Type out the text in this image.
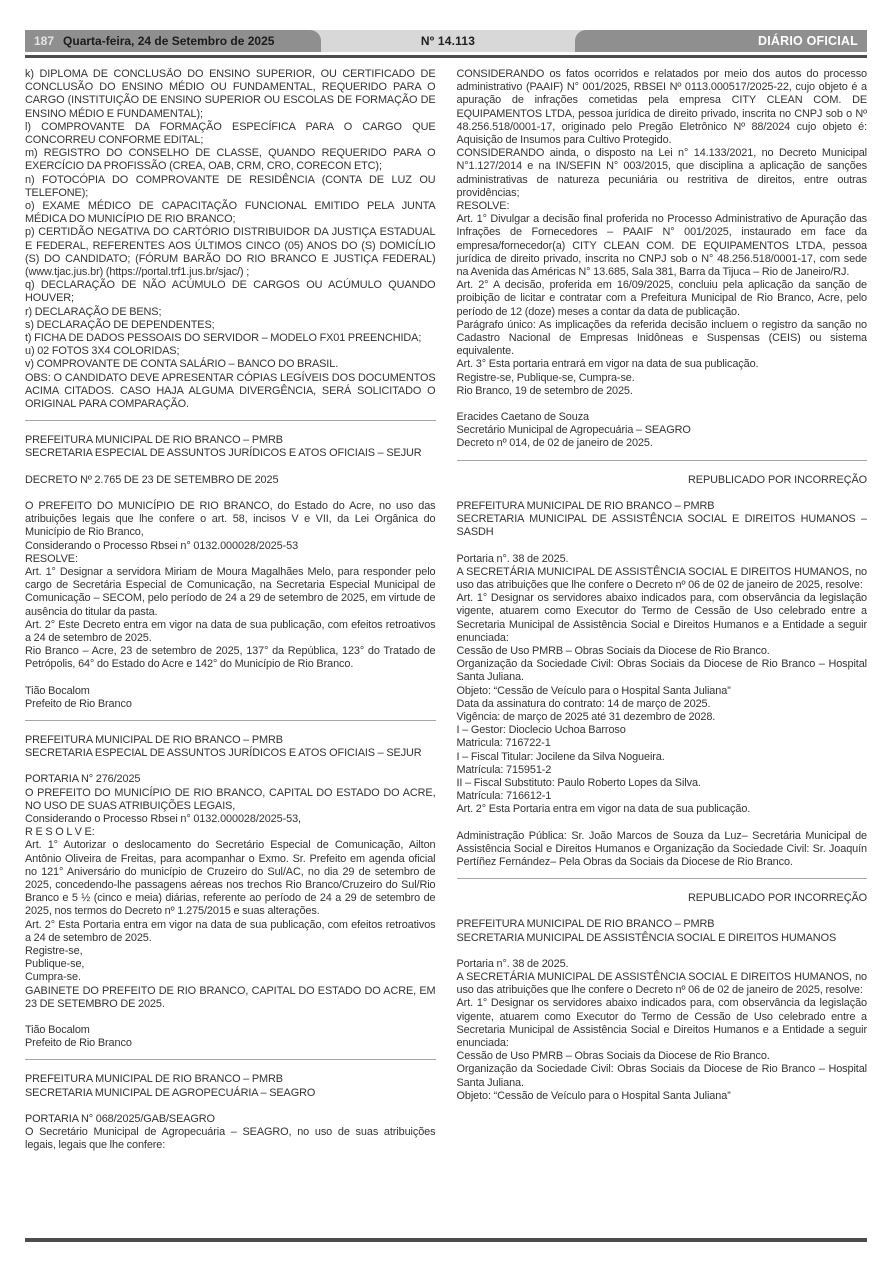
187 Quarta-feira, 24 de Setembro de 2025	Nº 14.113	DIÁRIO OFICIAL
k) DIPLOMA DE CONCLUSÃO DO ENSINO SUPERIOR, OU CERTIFICADO DE CONCLUSÃO DO ENSINO MÉDIO OU FUNDAMENTAL, REQUERIDO PARA O CARGO (INSTITUIÇÃO DE ENSINO SUPERIOR OU ESCOLAS DE FORMAÇÃO DE ENSINO MÉDIO E FUNDAMENTAL);
l) COMPROVANTE DA FORMAÇÃO ESPECÍFICA PARA O CARGO QUE CONCORREU CONFORME EDITAL;
m) REGISTRO DO CONSELHO DE CLASSE, QUANDO REQUERIDO PARA O EXERCÍCIO DA PROFISSÃO (CREA, OAB, CRM, CRO, CORECON ETC);
n) FOTOCÓPIA DO COMPROVANTE DE RESIDÊNCIA (CONTA DE LUZ OU TELEFONE);
o) EXAME MÉDICO DE CAPACITAÇÃO FUNCIONAL EMITIDO PELA JUNTA MÉDICA DO MUNICÍPIO DE RIO BRANCO;
p) CERTIDÃO NEGATIVA DO CARTÓRIO DISTRIBUIDOR DA JUSTIÇA ESTADUAL E FEDERAL, REFERENTES AOS ÚLTIMOS CINCO (05) ANOS DO (S) DOMICÍLIO (S) DO CANDIDATO; (FÓRUM BARÃO DO RIO BRANCO E JUSTIÇA FEDERAL) (www.tjac.jus.br) (https://portal.trf1.jus.br/sjac/) ;
q) DECLARAÇÃO DE NÃO ACÚMULO DE CARGOS OU ACÚMULO QUANDO HOUVER;
r) DECLARAÇÃO DE BENS;
s) DECLARAÇÃO DE DEPENDENTES;
t) FICHA DE DADOS PESSOAIS DO SERVIDOR – MODELO FX01 PREENCHIDA;
u) 02 FOTOS 3X4 COLORIDAS;
v) COMPROVANTE DE CONTA SALÁRIO – BANCO DO BRASIL.
OBS: O CANDIDATO DEVE APRESENTAR CÓPIAS LEGÍVEIS DOS DOCUMENTOS ACIMA CITADOS. CASO HAJA ALGUMA DIVERGÊNCIA, SERÁ SOLICITADO O ORIGINAL PARA COMPARAÇÃO.
PREFEITURA MUNICIPAL DE RIO BRANCO – PMRB
SECRETARIA ESPECIAL DE ASSUNTOS JURÍDICOS E ATOS OFICIAIS – SEJUR
DECRETO Nº 2.765 DE 23 DE SETEMBRO DE 2025
O PREFEITO DO MUNICÍPIO DE RIO BRANCO, do Estado do Acre, no uso das atribuições legais que lhe confere o art. 58, incisos V e VII, da Lei Orgânica do Município de Rio Branco,
Considerando o Processo Rbsei n° 0132.000028/2025-53
RESOLVE:
Art. 1° Designar a servidora Miriam de Moura Magalhães Melo, para responder pelo cargo de Secretária Especial de Comunicação, na Secretaria Especial Municipal de Comunicação – SECOM, pelo período de 24 a 29 de setembro de 2025, em virtude de ausência do titular da pasta.
Art. 2° Este Decreto entra em vigor na data de sua publicação, com efeitos retroativos a 24 de setembro de 2025.
Rio Branco – Acre, 23 de setembro de 2025, 137° da República, 123° do Tratado de Petrópolis, 64° do Estado do Acre e 142° do Município de Rio Branco.
Tião Bocalom
Prefeito de Rio Branco
PREFEITURA MUNICIPAL DE RIO BRANCO – PMRB
SECRETARIA ESPECIAL DE ASSUNTOS JURÍDICOS E ATOS OFICIAIS – SEJUR
PORTARIA N° 276/2025
O PREFEITO DO MUNICÍPIO DE RIO BRANCO, CAPITAL DO ESTADO DO ACRE, NO USO DE SUAS ATRIBUIÇÕES LEGAIS,
Considerando o Processo Rbsei n° 0132.000028/2025-53,
R E S O L V E:
Art. 1° Autorizar o deslocamento do Secretário Especial de Comunicação, Ailton Antônio Oliveira de Freitas, para acompanhar o Exmo. Sr. Prefeito em agenda oficial no 121° Aniversário do município de Cruzeiro do Sul/AC, no dia 29 de setembro de 2025, concedendo-lhe passagens aéreas nos trechos Rio Branco/Cruzeiro do Sul/Rio Branco e 5 ½ (cinco e meia) diárias, referente ao período de 24 a 29 de setembro de 2025, nos termos do Decreto nº 1.275/2015 e suas alterações.
Art. 2° Esta Portaria entra em vigor na data de sua publicação, com efeitos retroativos a 24 de setembro de 2025.
Registre-se,
Publique-se,
Cumpra-se.
GABINETE DO PREFEITO DE RIO BRANCO, CAPITAL DO ESTADO DO ACRE, EM 23 DE SETEMBRO DE 2025.
Tião Bocalom
Prefeito de Rio Branco
PREFEITURA MUNICIPAL DE RIO BRANCO – PMRB
SECRETARIA MUNICIPAL DE AGROPECUÁRIA – SEAGRO
PORTARIA N° 068/2025/GAB/SEAGRO
O Secretário Municipal de Agropecuária – SEAGRO, no uso de suas atribuições legais, legais que lhe confere:
CONSIDERANDO os fatos ocorridos e relatados por meio dos autos do processo administrativo (PAAIF) N° 001/2025, RBSEI Nº 0113.000517/2025-22, cujo objeto é a apuração de infrações cometidas pela empresa CITY CLEAN COM. DE EQUIPAMENTOS LTDA, pessoa jurídica de direito privado, inscrita no CNPJ sob o Nº 48.256.518/0001-17, originado pelo Pregão Eletrônico Nº 88/2024 cujo objeto é: Aquisição de Insumos para Cultivo Protegido.
CONSIDERANDO ainda, o disposto na Lei n° 14.133/2021, no Decreto Municipal N°1.127/2014 e na IN/SEFIN N° 003/2015, que disciplina a aplicação de sanções administrativas de natureza pecuniária ou restritiva de direitos, entre outras providências;
RESOLVE:
Art. 1° Divulgar a decisão final proferida no Processo Administrativo de Apuração das Infrações de Fornecedores – PAAIF N° 001/2025, instaurado em face da empresa/fornecedor(a) CITY CLEAN COM. DE EQUIPAMENTOS LTDA, pessoa jurídica de direito privado, inscrita no CNPJ sob o N° 48.256.518/0001-17, com sede na Avenida das Américas N° 13.685, Sala 381, Barra da Tijuca – Rio de Janeiro/RJ.
Art. 2° A decisão, proferida em 16/09/2025, concluiu pela aplicação da sanção de proibição de licitar e contratar com a Prefeitura Municipal de Rio Branco, Acre, pelo período de 12 (doze) meses a contar da data de publicação.
Parágrafo único: As implicações da referida decisão incluem o registro da sanção no Cadastro Nacional de Empresas Inidôneas e Suspensas (CEIS) ou sistema equivalente.
Art. 3° Esta portaria entrará em vigor na data de sua publicação.
Registre-se, Publique-se, Cumpra-se.
Rio Branco, 19 de setembro de 2025.
Eracides Caetano de Souza
Secretário Municipal de Agropecuária – SEAGRO
Decreto nº 014, de 02 de janeiro de 2025.
REPUBLICADO POR INCORREÇÃO
PREFEITURA MUNICIPAL DE RIO BRANCO – PMRB
SECRETARIA MUNICIPAL DE ASSISTÊNCIA SOCIAL E DIREITOS HUMANOS – SASDH
Portaria n°. 38 de 2025.
A SECRETÁRIA MUNICIPAL DE ASSISTÊNCIA SOCIAL E DIREITOS HUMANOS, no uso das atribuições que lhe confere o Decreto nº 06 de 02 de janeiro de 2025, resolve:
Art. 1° Designar os servidores abaixo indicados para, com observância da legislação vigente, atuarem como Executor do Termo de Cessão de Uso celebrado entre a Secretaria Municipal de Assistência Social e Direitos Humanos e a Entidade a seguir enunciada:
Cessão de Uso PMRB – Obras Sociais da Diocese de Rio Branco.
Organização da Sociedade Civil: Obras Sociais da Diocese de Rio Branco – Hospital Santa Juliana.
Objeto: “Cessão de Veículo para o Hospital Santa Juliana”
Data da assinatura do contrato: 14 de março de 2025.
Vigência: de março de 2025 até 31 dezembro de 2028.
I – Gestor: Dioclecio Uchoa Barroso
Matricula: 716722-1
I – Fiscal Titular: Jocilene da Silva Nogueira.
Matrícula: 715951-2
II – Fiscal Substituto: Paulo Roberto Lopes da Silva.
Matrícula: 716612-1
Art. 2° Esta Portaria entra em vigor na data de sua publicação.
Administração Pública: Sr. João Marcos de Souza da Luz– Secretária Municipal de Assistência Social e Direitos Humanos e Organização da Sociedade Civil: Sr. Joaquín Pertíñez Fernández– Pela Obras da Sociais da Diocese de Rio Branco.
REPUBLICADO POR INCORREÇÃO
PREFEITURA MUNICIPAL DE RIO BRANCO – PMRB
SECRETARIA MUNICIPAL DE ASSISTÊNCIA SOCIAL E DIREITOS HUMANOS
Portaria n°. 38 de 2025.
A SECRETÁRIA MUNICIPAL DE ASSISTÊNCIA SOCIAL E DIREITOS HUMANOS, no uso das atribuições que lhe confere o Decreto nº 06 de 02 de janeiro de 2025, resolve:
Art. 1° Designar os servidores abaixo indicados para, com observância da legislação vigente, atuarem como Executor do Termo de Cessão de Uso celebrado entre a Secretaria Municipal de Assistência Social e Direitos Humanos e a Entidade a seguir enunciada:
Cessão de Uso PMRB – Obras Sociais da Diocese de Rio Branco.
Organização da Sociedade Civil: Obras Sociais da Diocese de Rio Branco – Hospital Santa Juliana.
Objeto: “Cessão de Veículo para o Hospital Santa Juliana”
